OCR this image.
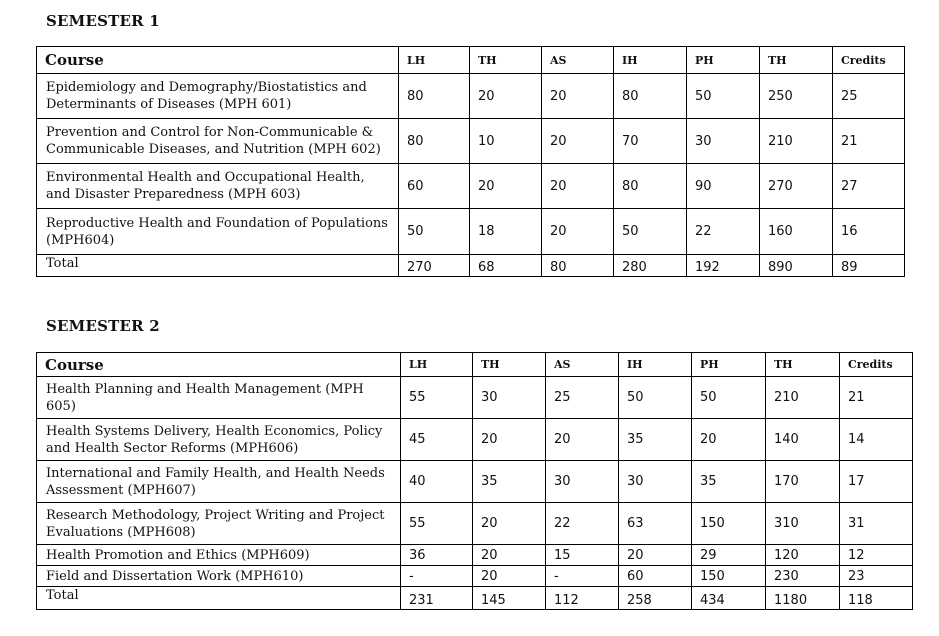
SEMESTER 1
Course	LH	TH	AS	IH	PH	TH	Credits
Epidemiology and Demography/Biostatistics and Determinants of Diseases (MPH 601)	80	20	20	80	50	250	25
Prevention and Control for Non-Communicable & Communicable Diseases, and Nutrition (MPH 602)	80	10	20	70	30	210	21
Environmental Health and Occupational Health, and Disaster Preparedness (MPH 603)	60	20	20	80	90	270	27
Reproductive Health and Foundation of Populations (MPH604)	50	18	20	50	22	160	16
Total	270	68	80	280	192	890	89
SEMESTER 2
Course	LH	TH	AS	IH	PH	TH	Credits
Health Planning and Health Management (MPH 605)	55	30	25	50	50	210	21
Health Systems Delivery, Health Economics, Policy and Health Sector Reforms (MPH606)	45	20	20	35	20	140	14
International and Family Health, and Health Needs Assessment (MPH607)	40	35	30	30	35	170	17
Research Methodology, Project Writing and Project Evaluations (MPH608)	55	20	22	63	150	310	31
Health Promotion and Ethics (MPH609)	36	20	15	20	29	120	12
Field and Dissertation Work (MPH610)	-	20	-	60	150	230	23
Total	231	145	112	258	434	1180	118
